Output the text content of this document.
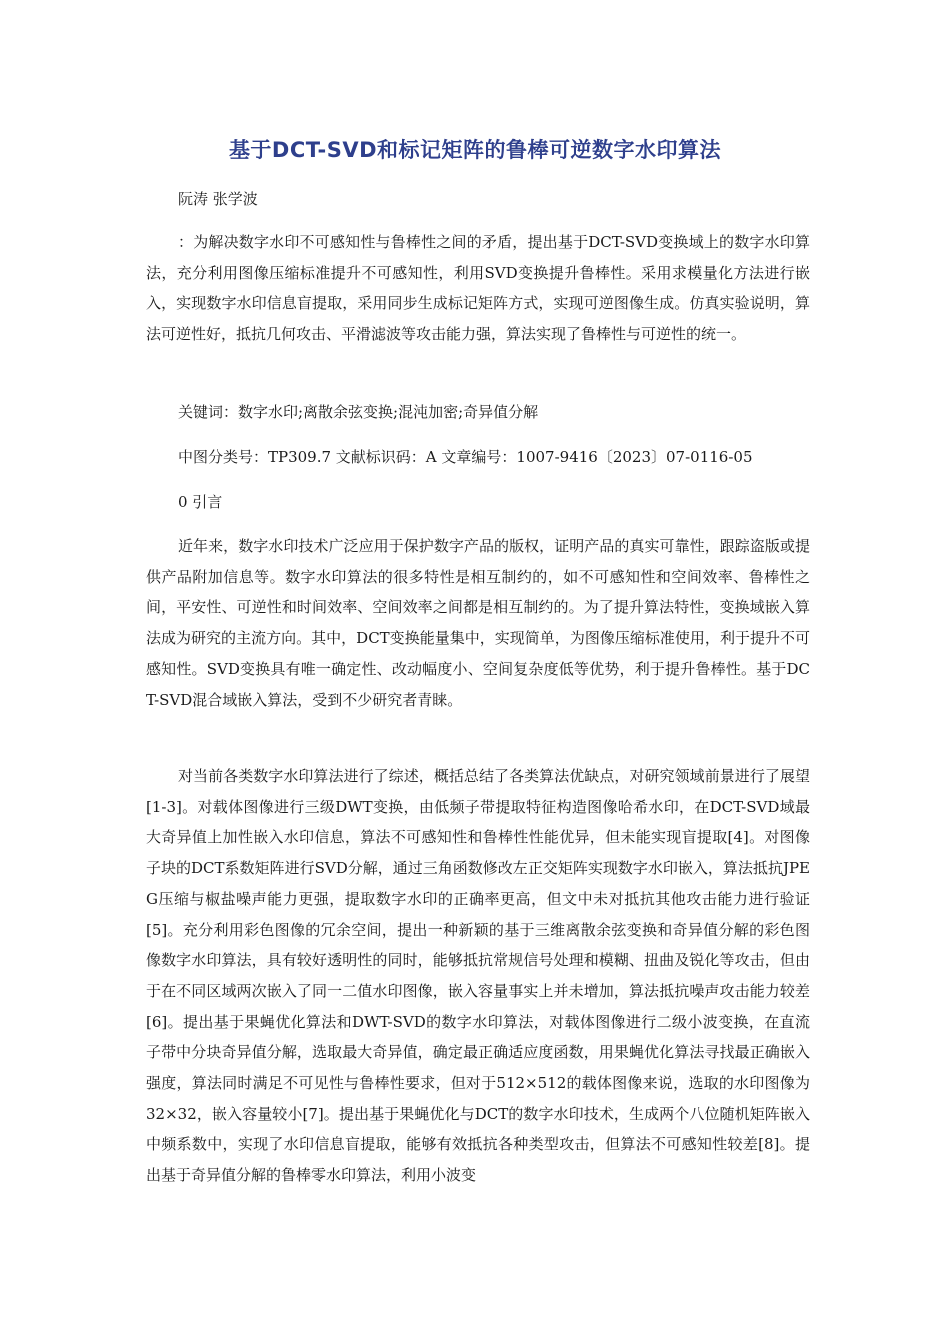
基于DCT-SVD和标记矩阵的鲁棒可逆数字水印算法
阮涛 张学波
：为解决数字水印不可感知性与鲁棒性之间的矛盾，提出基于DCT-SVD变换域上的数字水印算法，充分利用图像压缩标准提升不可感知性，利用SVD变换提升鲁棒性。采用求模量化方法进行嵌入，实现数字水印信息盲提取，采用同步生成标记矩阵方式，实现可逆图像生成。仿真实验说明，算法可逆性好，抵抗几何攻击、平滑滤波等攻击能力强，算法实现了鲁棒性与可逆性的统一。
关键词：数字水印;离散余弦变换;混沌加密;奇异值分解
中图分类号：TP309.7 文献标识码：A 文章编号：1007-9416〔2023〕07-0116-05
0 引言
近年来，数字水印技术广泛应用于保护数字产品的版权，证明产品的真实可靠性，跟踪盗版或提供产品附加信息等。数字水印算法的很多特性是相互制约的，如不可感知性和空间效率、鲁棒性之间，平安性、可逆性和时间效率、空间效率之间都是相互制约的。为了提升算法特性，变换域嵌入算法成为研究的主流方向。其中，DCT变换能量集中，实现简单，为图像压缩标准使用，利于提升不可感知性。SVD变换具有唯一确定性、改动幅度小、空间复杂度低等优势，利于提升鲁棒性。基于DCT-SVD混合域嵌入算法，受到不少研究者青睐。
对当前各类数字水印算法进行了综述，概括总结了各类算法优缺点，对研究领域前景进行了展望[1-3]。对载体图像进行三级DWT变换，由低频子带提取特征构造图像哈希水印，在DCT-SVD域最大奇异值上加性嵌入水印信息，算法不可感知性和鲁棒性性能优异，但未能实现盲提取[4]。对图像子块的DCT系数矩阵进行SVD分解，通过三角函数修改左正交矩阵实现数字水印嵌入，算法抵抗JPEG压缩与椒盐噪声能力更强，提取数字水印的正确率更高，但文中未对抵抗其他攻击能力进行验证[5]。充分利用彩色图像的冗余空间，提出一种新颖的基于三维离散余弦变换和奇异值分解的彩色图像数字水印算法，具有较好透明性的同时，能够抵抗常规信号处理和模糊、扭曲及锐化等攻击，但由于在不同区域两次嵌入了同一二值水印图像，嵌入容量事实上并未增加，算法抵抗噪声攻击能力较差[6]。提出基于果蝇优化算法和DWT-SVD的数字水印算法，对载体图像进行二级小波变换，在直流子带中分块奇异值分解，选取最大奇异值，确定最正确适应度函数，用果蝇优化算法寻找最正确嵌入强度，算法同时满足不可见性与鲁棒性要求，但对于512×512的载体图像来说，选取的水印图像为32×32，嵌入容量较小[7]。提出基于果蝇优化与DCT的数字水印技术，生成两个八位随机矩阵嵌入中频系数中，实现了水印信息盲提取，能够有效抵抗各种类型攻击，但算法不可感知性较差[8]。提出基于奇异值分解的鲁棒零水印算法，利用小波变
